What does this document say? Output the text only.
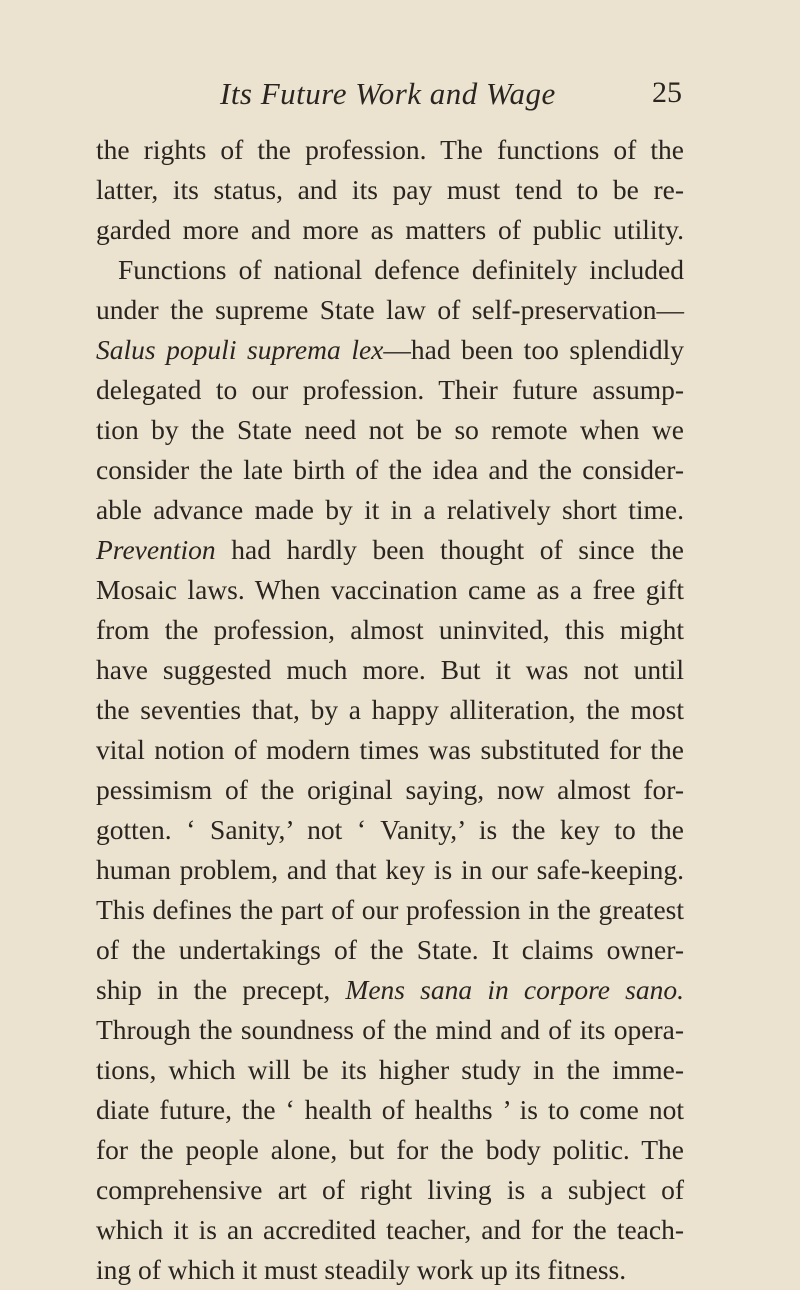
Its Future Work and Wage	25
the rights of the profession. The functions of the
latter, its status, and its pay must tend to be re-
garded more and more as matters of public utility.
Functions of national defence definitely included
under the supreme State law of self-preservation—
Salus populi suprema lex—had been too splendidly
delegated to our profession. Their future assump-
tion by the State need not be so remote when we
consider the late birth of the idea and the consider-
able advance made by it in a relatively short time.
Prevention had hardly been thought of since the
Mosaic laws. When vaccination came as a free gift
from the profession, almost uninvited, this might
have suggested much more. But it was not until
the seventies that, by a happy alliteration, the most
vital notion of modern times was substituted for the
pessimism of the original saying, now almost for-
gotten. ‘ Sanity,’ not ‘ Vanity,’ is the key to the
human problem, and that key is in our safe-keeping.
This defines the part of our profession in the greatest
of the undertakings of the State. It claims owner-
ship in the precept, Mens sana in corpore sano.
Through the soundness of the mind and of its opera-
tions, which will be its higher study in the imme-
diate future, the ‘ health of healths ’ is to come not
for the people alone, but for the body politic. The
comprehensive art of right living is a subject of
which it is an accredited teacher, and for the teach-
ing of which it must steadily work up its fitness.
